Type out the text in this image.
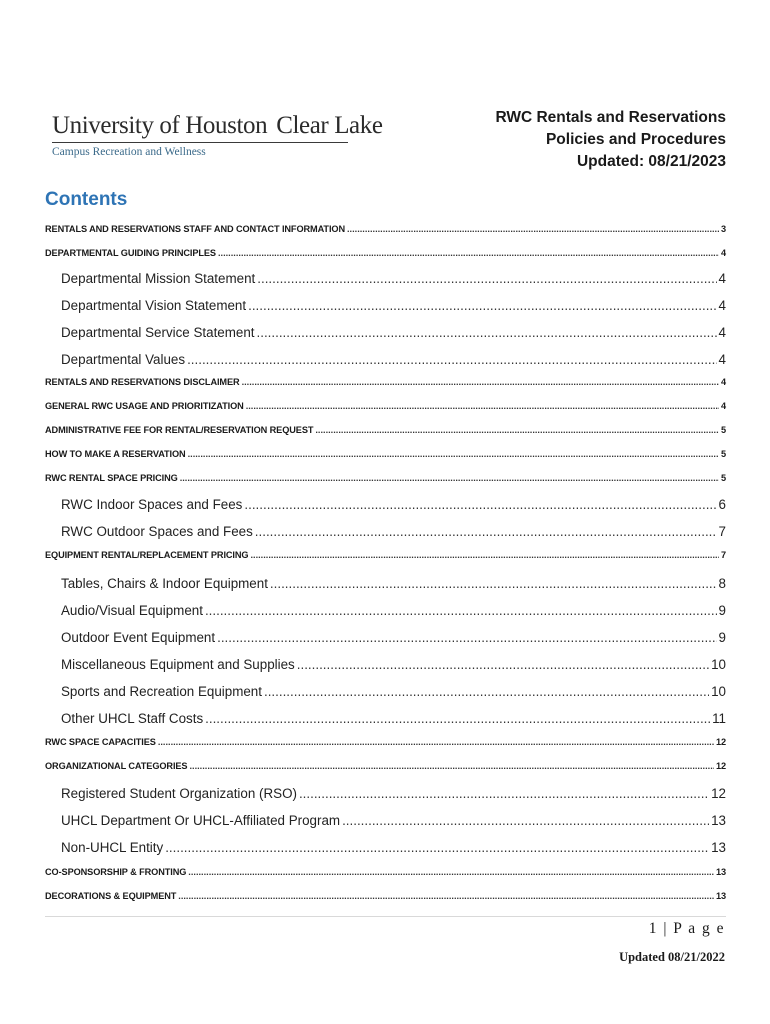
University of Houston Clear Lake
Campus Recreation and Wellness
RWC Rentals and Reservations
Policies and Procedures
Updated: 08/21/2023
Contents
RENTALS AND RESERVATIONS STAFF AND CONTACT INFORMATION .....	3
DEPARTMENTAL GUIDING PRINCIPLES .....	4
Departmental Mission Statement .....	4
Departmental Vision Statement .....	4
Departmental Service Statement .....	4
Departmental Values .....	4
RENTALS AND RESERVATIONS DISCLAIMER .....	4
GENERAL RWC USAGE AND PRIORITIZATION .....	4
ADMINISTRATIVE FEE FOR RENTAL/RESERVATION REQUEST .....	5
HOW TO MAKE A RESERVATION .....	5
RWC RENTAL SPACE PRICING .....	5
RWC Indoor Spaces and Fees .....	6
RWC Outdoor Spaces and Fees .....	7
EQUIPMENT RENTAL/REPLACEMENT PRICING .....	7
Tables, Chairs & Indoor Equipment .....	8
Audio/Visual Equipment .....	9
Outdoor Event Equipment .....	9
Miscellaneous Equipment and Supplies .....	10
Sports and Recreation Equipment .....	10
Other UHCL Staff Costs .....	11
RWC SPACE CAPACITIES .....	12
ORGANIZATIONAL CATEGORIES .....	12
Registered Student Organization (RSO) .....	12
UHCL Department Or UHCL-Affiliated Program .....	13
Non-UHCL Entity .....	13
CO-SPONSORSHIP & FRONTING .....	13
DECORATIONS & EQUIPMENT .....	13
1 | P a g e
Updated 08/21/2022
